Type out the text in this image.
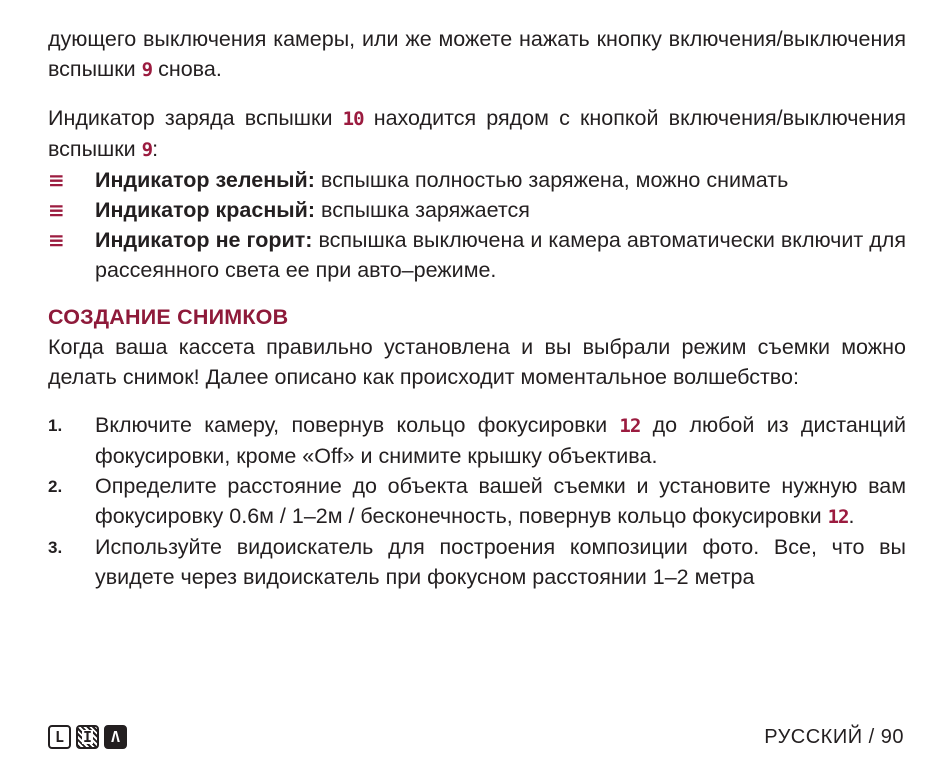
дующего выключения камеры, или же можете нажать кнопку включения/выключения вспышки 9 снова.

Индикатор заряда вспышки 10 находится рядом с кнопкой включения/выключения вспышки 9:

≡ Индикатор зеленый: вспышка полностью заряжена, можно снимать
≡ Индикатор красный: вспышка заряжается
≡ Индикатор не горит: вспышка выключена и камера автоматически включит для рассеянного света ее при авто–режиме.
СОЗДАНИЕ СНИМКОВ

Когда ваша кассета правильно установлена и вы выбрали режим съемки можно делать снимок! Далее описано как происходит моментальное волшебство:

1. Включите камеру, повернув кольцо фокусировки 12 до любой из дистанций фокусировки, кроме «Off» и снимите крышку объектива.
2. Определите расстояние до объекта вашей съемки и установите нужную вам фокусировку 0.6м / 1–2м / бесконечность, повернув кольцо фокусировки 12.
3. Используйте видоискатель для построения композиции фото. Все, что вы увидете через видоискатель при фокусном расстоянии 1–2 метра
L I Λ	РУССКИЙ / 90
